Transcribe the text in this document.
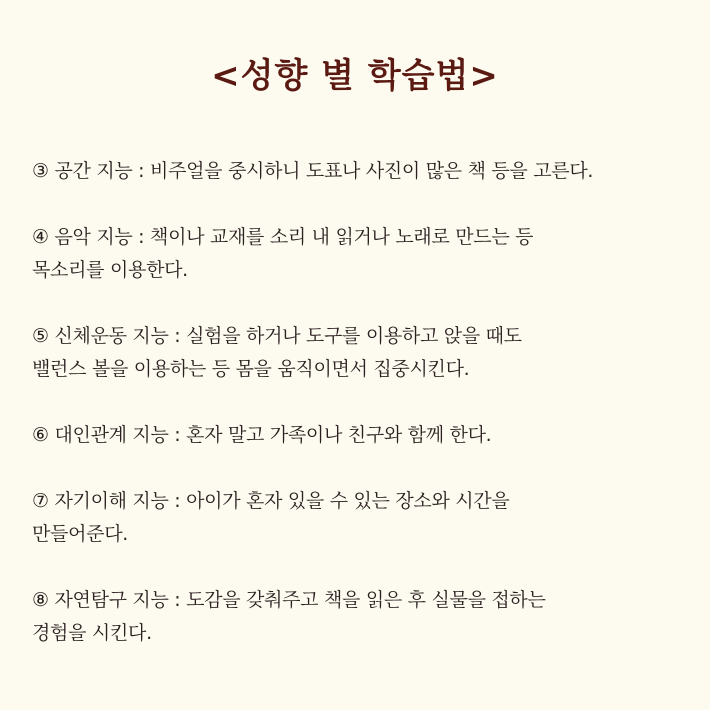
<성향 별 학습법>
③ 공간 지능 : 비주얼을 중시하니 도표나 사진이 많은 책 등을 고른다.
④ 음악 지능 : 책이나 교재를 소리 내 읽거나 노래로 만드는 등
목소리를 이용한다.
⑤ 신체운동 지능 : 실험을 하거나 도구를 이용하고 앉을 때도
밸런스 볼을 이용하는 등 몸을 움직이면서 집중시킨다.
⑥ 대인관계 지능 : 혼자 말고 가족이나 친구와 함께 한다.
⑦ 자기이해 지능 : 아이가 혼자 있을 수 있는 장소와 시간을
만들어준다.
⑧ 자연탐구 지능 : 도감을 갖춰주고 책을 읽은 후 실물을 접하는
경험을 시킨다.
